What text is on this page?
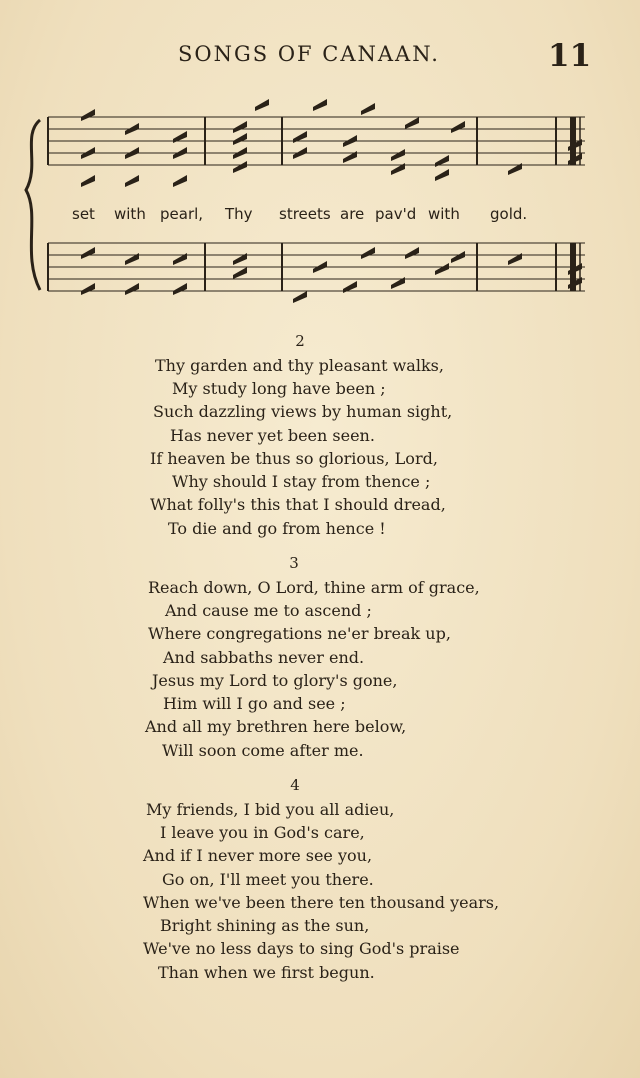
SONGS OF CANAAN.	11
set with pearl, Thy streets are pav'd with gold.
2
Thy garden and thy pleasant walks,
My study long have been ;
Such dazzling views by human sight,
Has never yet been seen.
If heaven be thus so glorious, Lord,
Why should I stay from thence ;
What folly's this that I should dread,
To die and go from hence !
3
Reach down, O Lord, thine arm of grace,
And cause me to ascend ;
Where congregations ne'er break up,
And sabbaths never end.
Jesus my Lord to glory's gone,
Him will I go and see ;
And all my brethren here below,
Will soon come after me.
4
My friends, I bid you all adieu,
I leave you in God's care,
And if I never more see you,
Go on, I'll meet you there.
When we've been there ten thousand years,
Bright shining as the sun,
We've no less days to sing God's praise
Than when we first begun.
